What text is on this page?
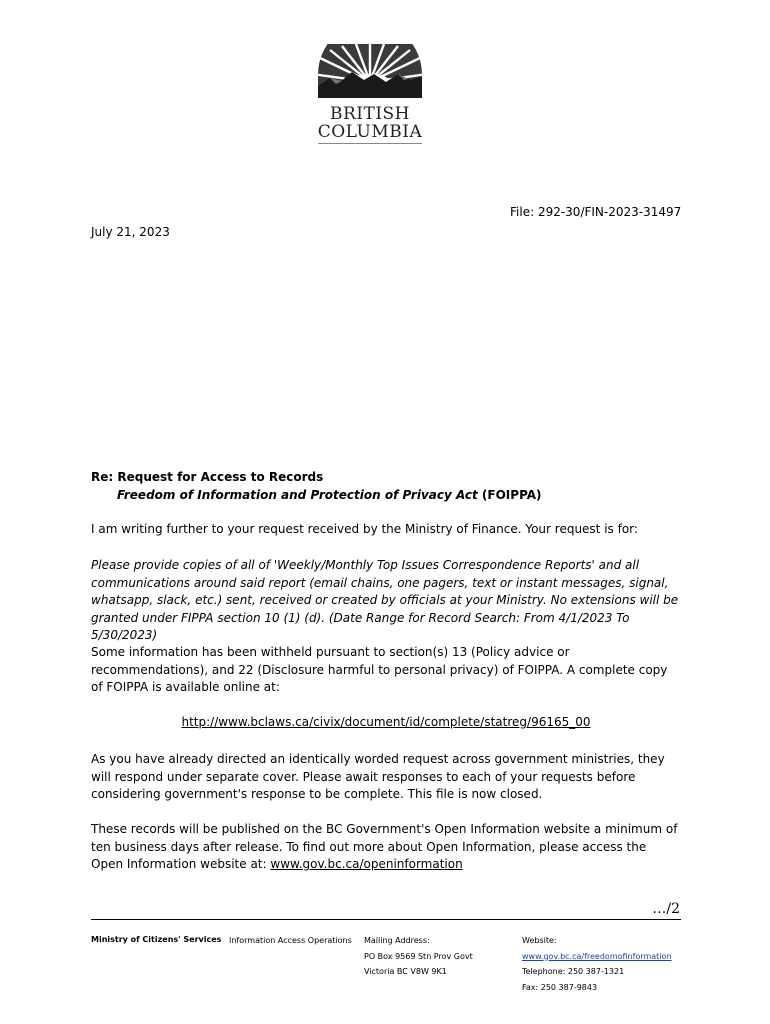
BRITISH
COLUMBIA
File: 292-30/FIN-2023-31497
July 21, 2023
Re: Request for Access to Records
Freedom of Information and Protection of Privacy Act (FOIPPA)
I am writing further to your request received by the Ministry of Finance. Your request is for:
Please provide copies of all of 'Weekly/Monthly Top Issues Correspondence Reports' and all communications around said report (email chains, one pagers, text or instant messages, signal, whatsapp, slack, etc.) sent, received or created by officials at your Ministry. No extensions will be granted under FIPPA section 10 (1) (d). (Date Range for Record Search: From 4/1/2023 To 5/30/2023)
Some information has been withheld pursuant to section(s) 13 (Policy advice or recommendations), and 22 (Disclosure harmful to personal privacy) of FOIPPA. A complete copy of FOIPPA is available online at:
http://www.bclaws.ca/civix/document/id/complete/statreg/96165_00
As you have already directed an identically worded request across government ministries, they will respond under separate cover. Please await responses to each of your requests before considering government's response to be complete. This file is now closed.
These records will be published on the BC Government's Open Information website a minimum of ten business days after release. To find out more about Open Information, please access the Open Information website at: www.gov.bc.ca/openinformation
…/2
Ministry of Citizens' Services Information Access Operations Mailing Address:
PO Box 9569 Stn Prov Govt
Victoria BC V8W 9K1
Website:
www.gov.bc.ca/freedomofinformation
Telephone: 250 387-1321
Fax: 250 387-9843
